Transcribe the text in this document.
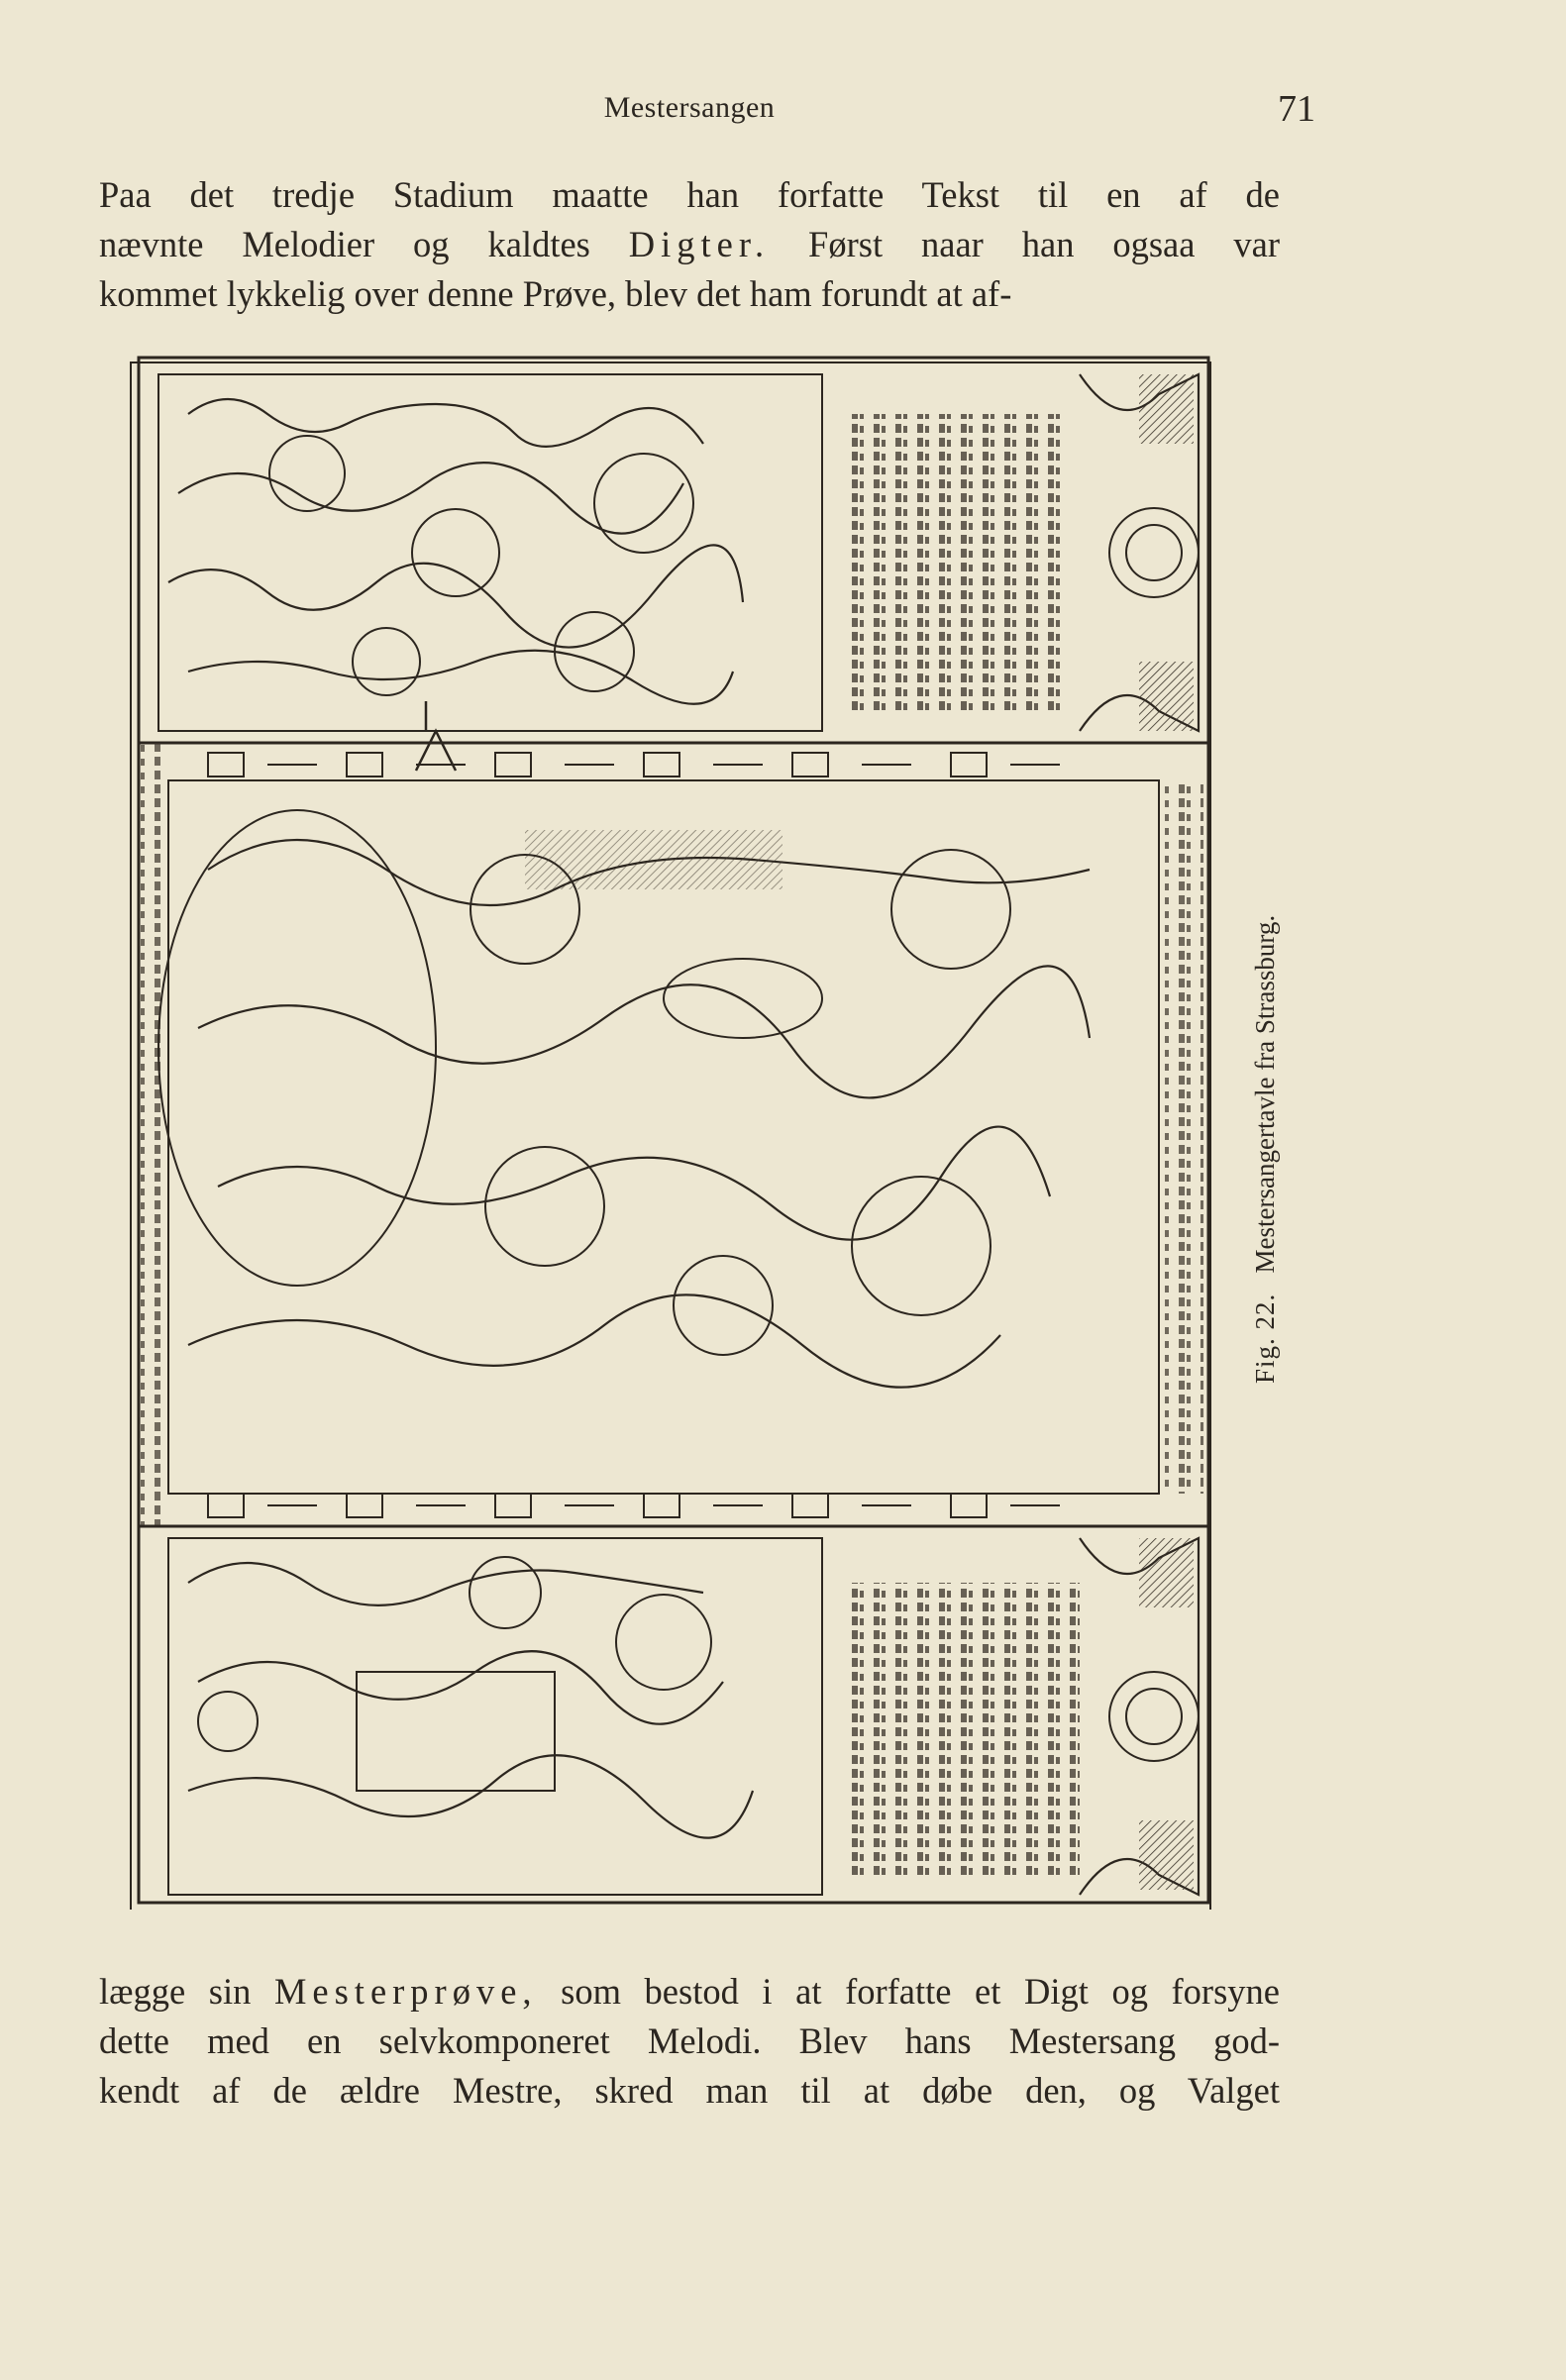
Mestersangen	71
Paa det tredje Stadium maatte han forfatte Tekst til en af de
nævnte Melodier og kaldtes Digter. Først naar han ogsaa var
kommet lykkelig over denne Prøve, blev det ham forundt at af-
Fig. 22.   Mestersangertavle fra Strassburg.
lægge sin Mesterprøve, som bestod i at forfatte et Digt og forsyne
dette med en selvkomponeret Melodi. Blev hans Mestersang god-
kendt af de ældre Mestre, skred man til at døbe den, og Valget
